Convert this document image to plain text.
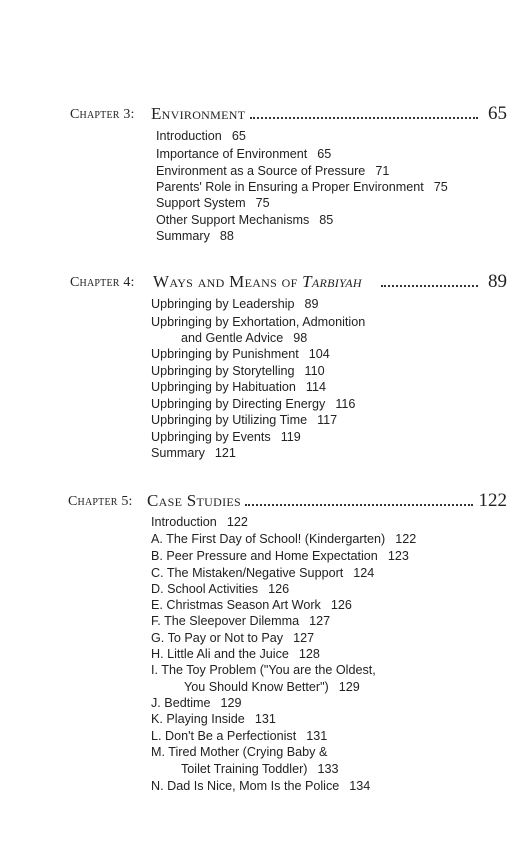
Chapter 3: Environment	65
Introduction 65
Importance of Environment 65
Environment as a Source of Pressure 71
Parents' Role in Ensuring a Proper Environment 75
Support System 75
Other Support Mechanisms 85
Summary 88
Chapter 4: Ways and Means of Tarbiyah	89
Upbringing by Leadership 89
Upbringing by Exhortation, Admonition
and Gentle Advice 98
Upbringing by Punishment 104
Upbringing by Storytelling 110
Upbringing by Habituation 114
Upbringing by Directing Energy 116
Upbringing by Utilizing Time 117
Upbringing by Events 119
Summary 121
Chapter 5: Case Studies	122
Introduction 122
A. The First Day of School! (Kindergarten) 122
B. Peer Pressure and Home Expectation 123
C. The Mistaken/Negative Support 124
D. School Activities 126
E. Christmas Season Art Work 126
F. The Sleepover Dilemma 127
G. To Pay or Not to Pay 127
H. Little Ali and the Juice 128
I. The Toy Problem ("You are the Oldest,
You Should Know Better") 129
J. Bedtime 129
K. Playing Inside 131
L. Don't Be a Perfectionist 131
M. Tired Mother (Crying Baby &
Toilet Training Toddler) 133
N. Dad Is Nice, Mom Is the Police 134
